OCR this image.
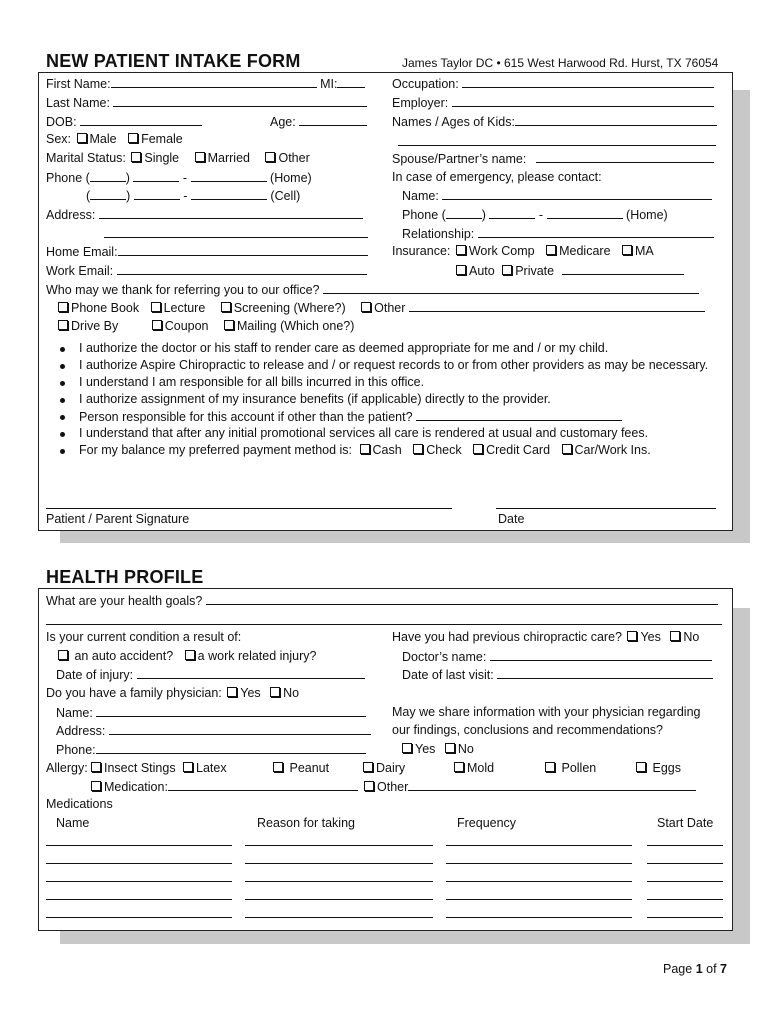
NEW PATIENT INTAKE FORM	James Taylor DC • 615 West Harwood Rd. Hurst, TX 76054
First Name:	MI:
Last Name:
DOB:	Age:
Sex: Male Female
Marital Status: Single Married Other
Phone (	)	-	(Home)
(	)	-	(Cell)
Address:
Home Email:
Work Email:
Occupation:
Employer:
Names / Ages of Kids:
Spouse/Partner’s name:
In case of emergency, please contact:
Name:
Phone (	)	-	(Home)
Relationship:
Insurance: Work Comp Medicare MA
Auto Private
Who may we thank for referring you to our office?
Phone Book Lecture Screening (Where?) Other
Drive By	Coupon Mailing (Which one?)
I authorize the doctor or his staff to render care as deemed appropriate for me and / or my child.
I authorize Aspire Chiropractic to release and / or request records to or from other providers as may be necessary.
I understand I am responsible for all bills incurred in this office.
I authorize assignment of my insurance benefits (if applicable) directly to the provider.
Person responsible for this account if other than the patient?
I understand that after any initial promotional services all care is rendered at usual and customary fees.
For my balance my preferred payment method is: Cash Check Credit Card Car/Work Ins.
Patient / Parent Signature	Date
HEALTH PROFILE
What are your health goals?
Is your current condition a result of:
an auto accident? a work related injury?
Date of injury:
Do you have a family physician: Yes No
Name:
Address:
Phone:
Have you had previous chiropractic care? Yes No
Doctor’s name:
Date of last visit:
May we share information with your physician regarding
our findings, conclusions and recommendations?
Yes No
Allergy:	Insect Stings	Latex	Peanut	Dairy	Mold	Pollen	Eggs
Medication:	Other
Medications
Name	Reason for taking	Frequency	Start Date
Page 1 of 7
